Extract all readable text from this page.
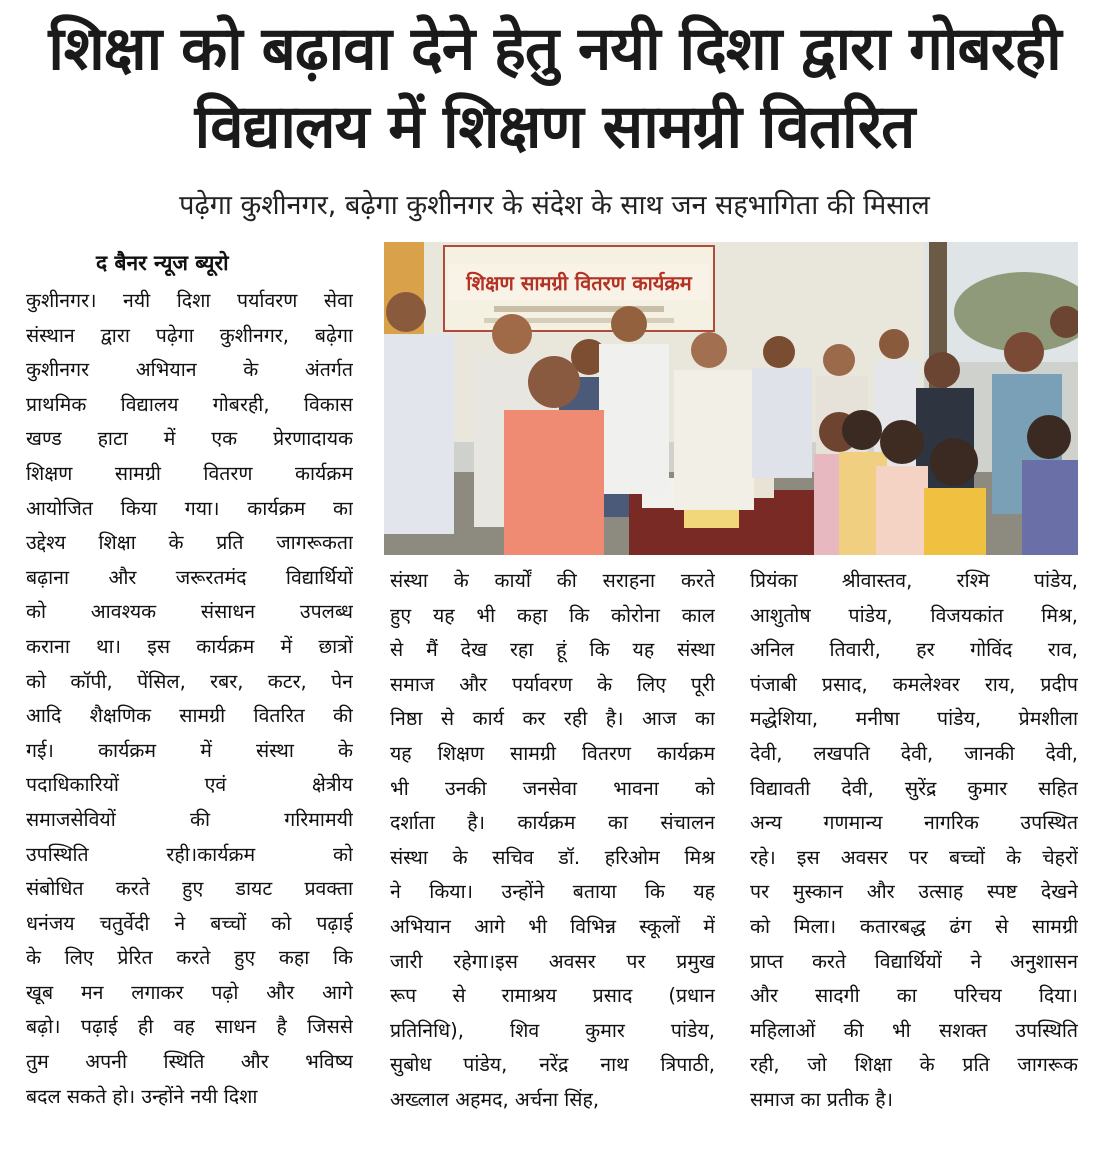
शिक्षा को बढ़ावा देने हेतु नयी दिशा द्वारा गोबरही
विद्यालय में शिक्षण सामग्री वितरित
पढ़ेगा कुशीनगर, बढ़ेगा कुशीनगर के संदेश के साथ जन सहभागिता की मिसाल
द बैनर न्यूज ब्यूरो
कुशीनगर। नयी दिशा पर्यावरण सेवा
संस्थान द्वारा पढ़ेगा कुशीनगर, बढ़ेगा
कुशीनगर अभियान के अंतर्गत
प्राथमिक विद्यालय गोबरही, विकास
खण्ड हाटा में एक प्रेरणादायक
शिक्षण सामग्री वितरण कार्यक्रम
आयोजित किया गया। कार्यक्रम का
उद्देश्य शिक्षा के प्रति जागरूकता
बढ़ाना और जरूरतमंद विद्यार्थियों
को आवश्यक संसाधन उपलब्ध
कराना था। इस कार्यक्रम में छात्रों
को कॉपी, पेंसिल, रबर, कटर, पेन
आदि शैक्षणिक सामग्री वितरित की
गई। कार्यक्रम में संस्था के
पदाधिकारियों एवं क्षेत्रीय
समाजसेवियों की गरिमामयी
उपस्थिति रही।कार्यक्रम को
संबोधित करते हुए डायट प्रवक्ता
धनंजय चतुर्वेदी ने बच्चों को पढ़ाई
के लिए प्रेरित करते हुए कहा कि
खूब मन लगाकर पढ़ो और आगे
बढ़ो। पढ़ाई ही वह साधन है जिससे
तुम अपनी स्थिति और भविष्य
बदल सकते हो। उन्होंने नयी दिशा
शिक्षण सामग्री वितरण कार्यक्रम
संस्था के कार्यों की सराहना करते
हुए यह भी कहा कि कोरोना काल
से मैं देख रहा हूं कि यह संस्था
समाज और पर्यावरण के लिए पूरी
निष्ठा से कार्य कर रही है। आज का
यह शिक्षण सामग्री वितरण कार्यक्रम
भी उनकी जनसेवा भावना को
दर्शाता है। कार्यक्रम का संचालन
संस्था के सचिव डॉ. हरिओम मिश्र
ने किया। उन्होंने बताया कि यह
अभियान आगे भी विभिन्न स्कूलों में
जारी रहेगा।इस अवसर पर प्रमुख
रूप से रामाश्रय प्रसाद (प्रधान
प्रतिनिधि), शिव कुमार पांडेय,
सुबोध पांडेय, नरेंद्र नाथ त्रिपाठी,
अख्लाल अहमद, अर्चना सिंह,
प्रियंका श्रीवास्तव, रश्मि पांडेय,
आशुतोष पांडेय, विजयकांत मिश्र,
अनिल तिवारी, हर गोविंद राव,
पंजाबी प्रसाद, कमलेश्वर राय, प्रदीप
मद्धेशिया, मनीषा पांडेय, प्रेमशीला
देवी, लखपति देवी, जानकी देवी,
विद्यावती देवी, सुरेंद्र कुमार सहित
अन्य गणमान्य नागरिक उपस्थित
रहे। इस अवसर पर बच्चों के चेहरों
पर मुस्कान और उत्साह स्पष्ट देखने
को मिला। कतारबद्ध ढंग से सामग्री
प्राप्त करते विद्यार्थियों ने अनुशासन
और सादगी का परिचय दिया।
महिलाओं की भी सशक्त उपस्थिति
रही, जो शिक्षा के प्रति जागरूक
समाज का प्रतीक है।
